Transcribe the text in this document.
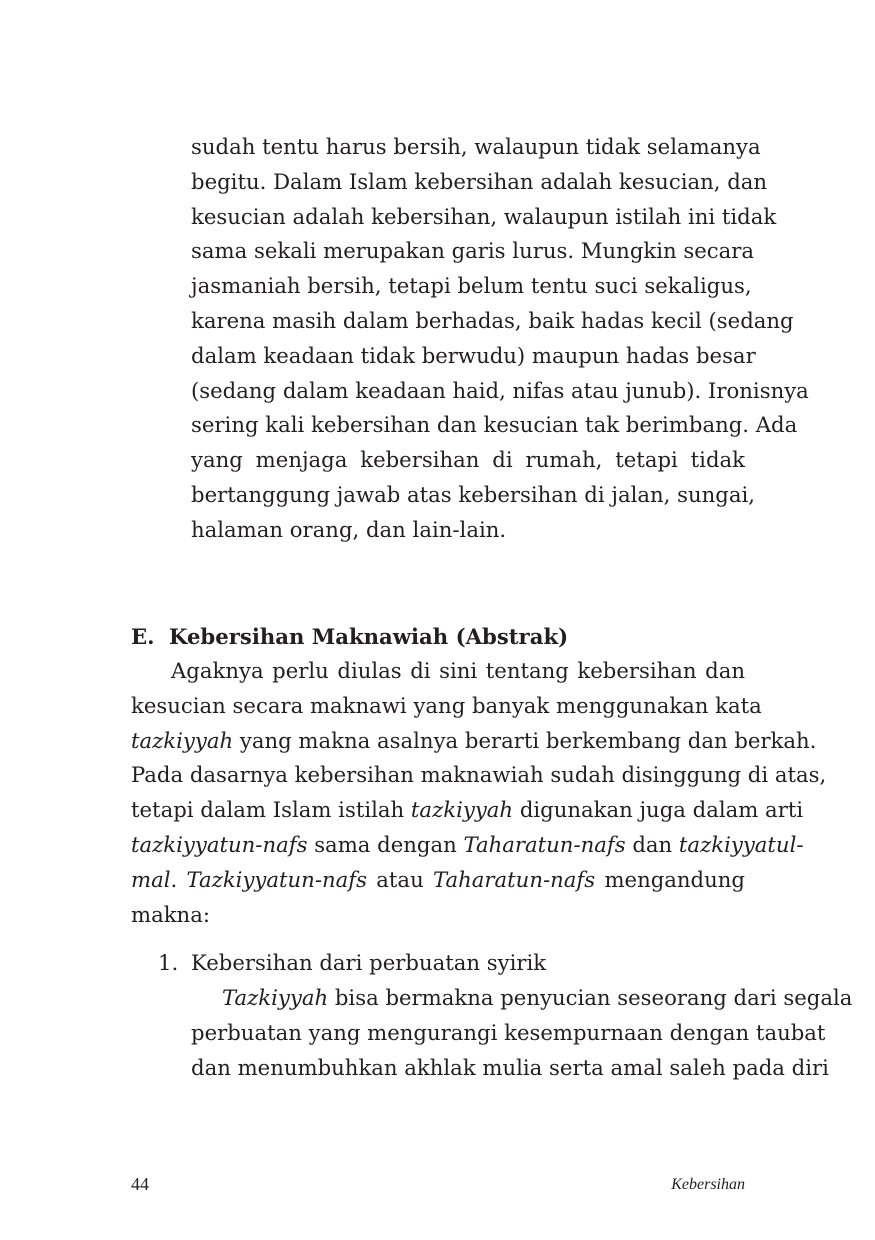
sudah tentu harus bersih, walaupun tidak selamanya
begitu. Dalam Islam kebersihan adalah kesucian, dan
kesucian adalah kebersihan, walaupun istilah ini tidak
sama sekali merupakan garis lurus. Mungkin secara
jasmaniah bersih, tetapi belum tentu suci sekaligus,
karena masih dalam berhadas, baik hadas kecil (sedang
dalam keadaan tidak berwudu) maupun hadas besar
(sedang dalam keadaan haid, nifas atau junub). Ironisnya
sering kali kebersihan dan kesucian tak berimbang. Ada
yang menjaga kebersihan di rumah, tetapi tidak
bertanggung jawab atas kebersihan di jalan, sungai,
halaman orang, dan lain-lain.
E. Kebersihan Maknawiah (Abstrak)
Agaknya perlu diulas di sini tentang kebersihan dan
kesucian secara maknawi yang banyak menggunakan kata
tazkiyyah yang makna asalnya berarti berkembang dan berkah.
Pada dasarnya kebersihan maknawiah sudah disinggung di atas,
tetapi dalam Islam istilah tazkiyyah digunakan juga dalam arti
tazkiyyatun-nafs sama dengan Taharatun-nafs dan tazkiyyatul-
mal. Tazkiyyatun-nafs atau Taharatun-nafs mengandung
makna:
1. Kebersihan dari perbuatan syirik
Tazkiyyah bisa bermakna penyucian seseorang dari segala
perbuatan yang mengurangi kesempurnaan dengan taubat
dan menumbuhkan akhlak mulia serta amal saleh pada diri
44	Kebersihan
